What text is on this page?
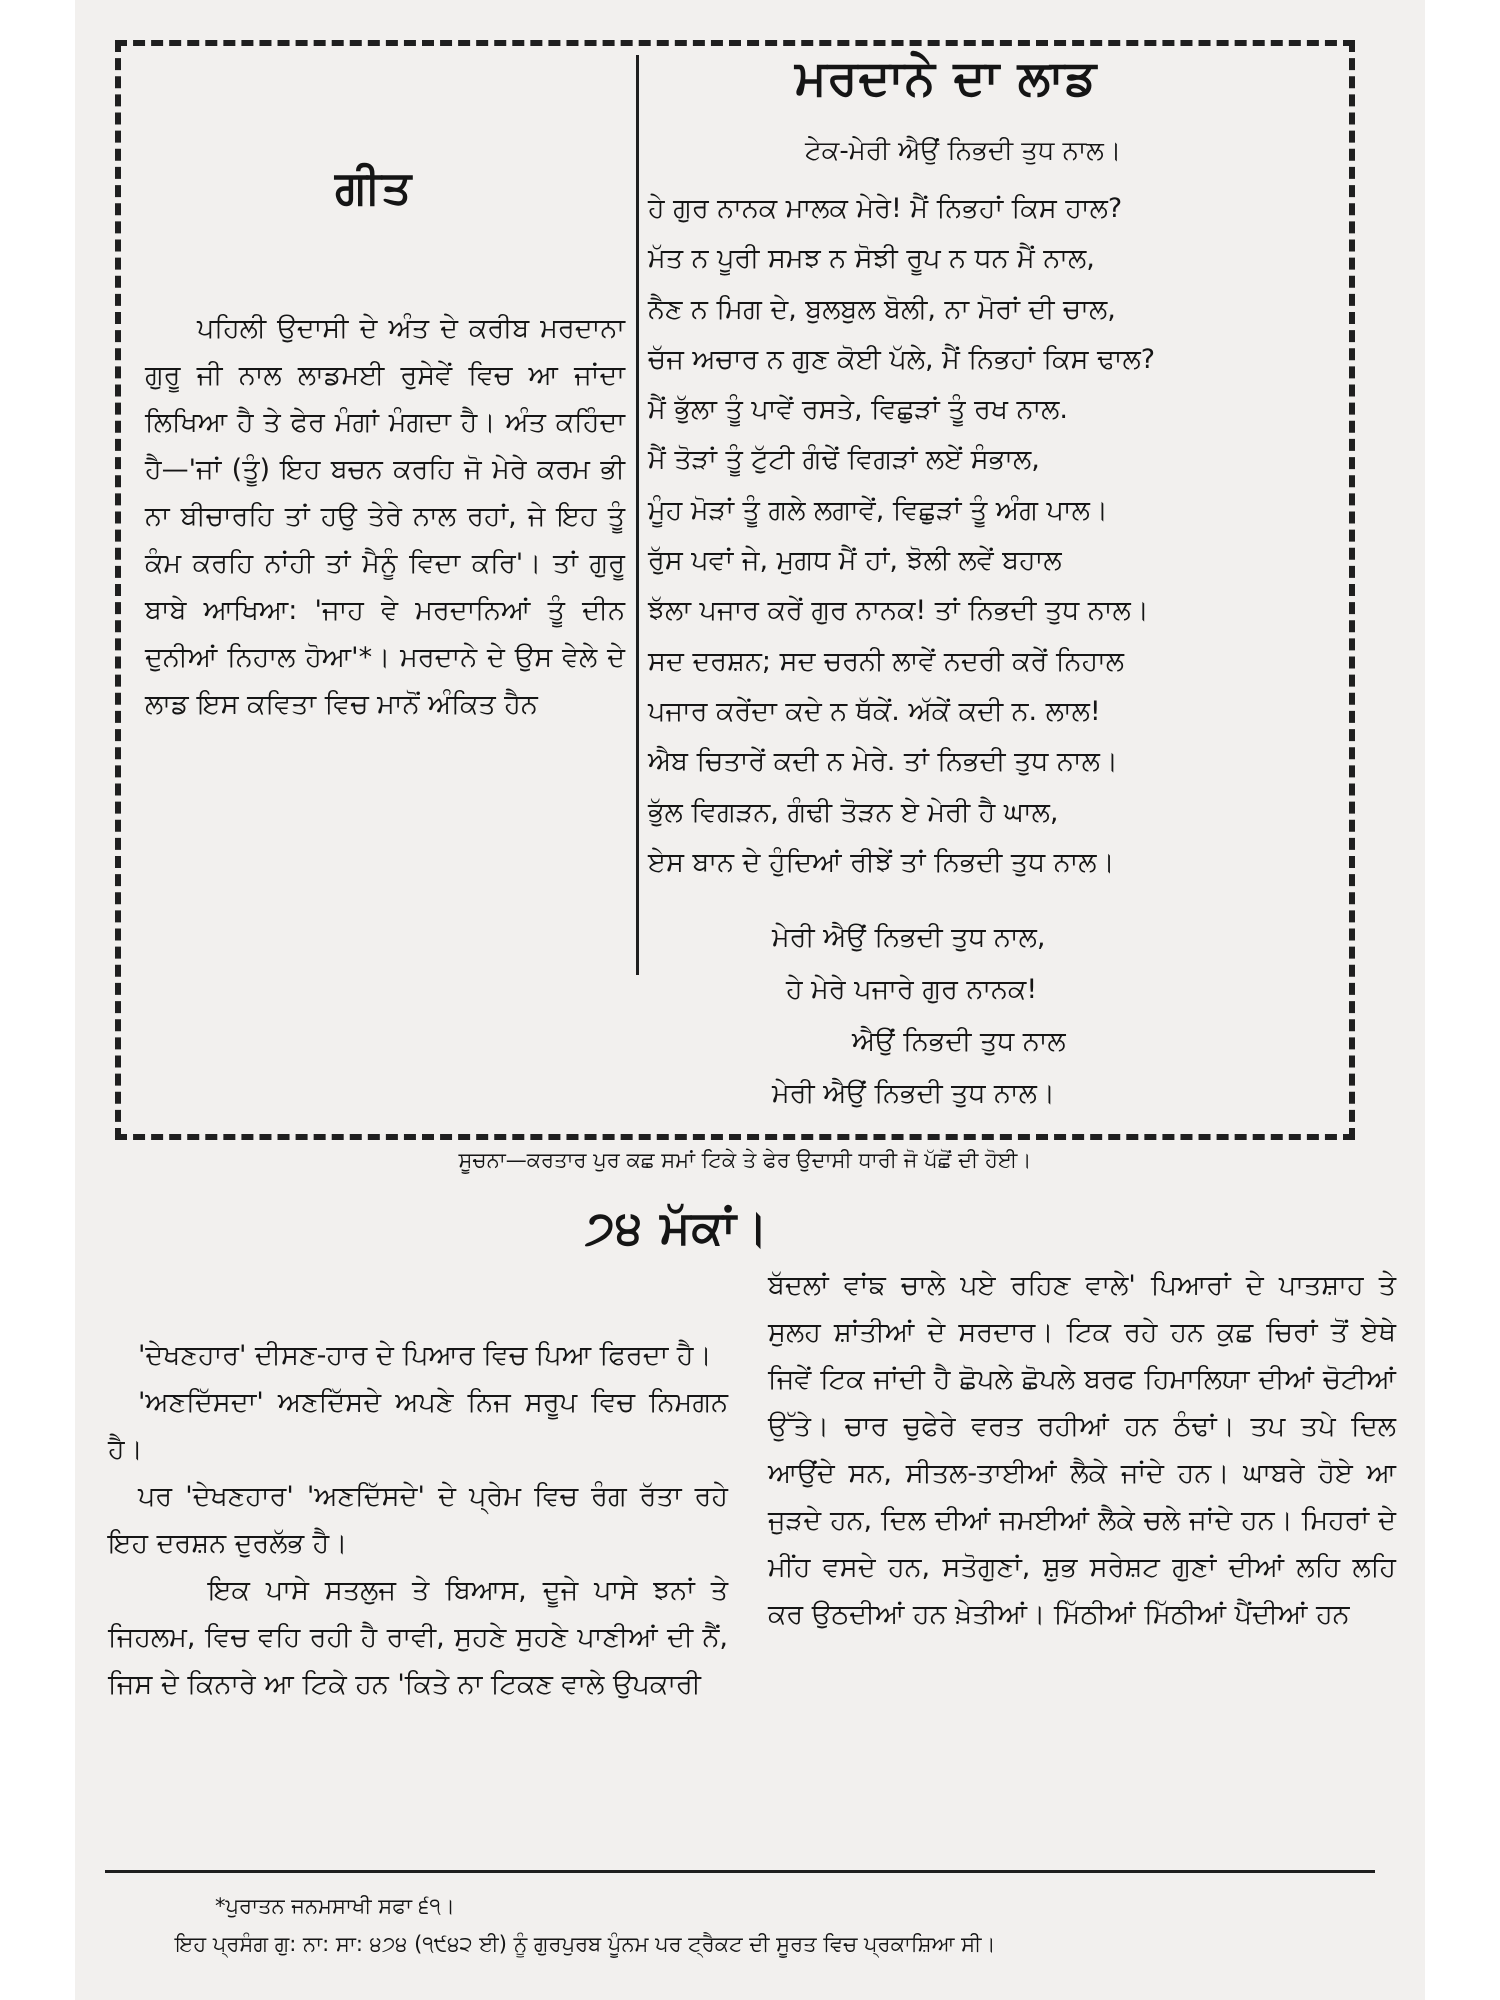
ਗੀਤ

ਪਹਿਲੀ ਉਦਾਸੀ ਦੇ ਅੰਤ ਦੇ ਕਰੀਬ ਮਰਦਾਨਾ ਗੁਰੂ ਜੀ ਨਾਲ ਲਾਡਮਈ ਰੁਸੇਵੇਂ ਵਿਚ ਆ ਜਾਂਦਾ ਲਿਖਿਆ ਹੈ ਤੇ ਫੇਰ ਮੰਗਾਂ ਮੰਗਦਾ ਹੈ। ਅੰਤ ਕਹਿੰਦਾ ਹੈ—'ਜਾਂ (ਤੂੰ) ਇਹ ਬਚਨ ਕਰਹਿ ਜੋ ਮੇਰੇ ਕਰਮ ਭੀ ਨਾ ਬੀਚਾਰਹਿ ਤਾਂ ਹਉ ਤੇਰੇ ਨਾਲ ਰਹਾਂ, ਜੇ ਇਹ ਤੂੰ ਕੰਮ ਕਰਹਿ ਨਾਂਹੀ ਤਾਂ ਮੈਨੂੰ ਵਿਦਾ ਕਰਿ'। ਤਾਂ ਗੁਰੂ ਬਾਬੇ ਆਖਿਆ: 'ਜਾਹ ਵੇ ਮਰਦਾਨਿਆਂ ਤੂੰ ਦੀਨ ਦੁਨੀਆਂ ਨਿਹਾਲ ਹੋਆ'*। ਮਰਦਾਨੇ ਦੇ ਉਸ ਵੇਲੇ ਦੇ ਲਾਡ ਇਸ ਕਵਿਤਾ ਵਿਚ ਮਾਨੋਂ ਅੰਕਿਤ ਹੈਨ

ਮਰਦਾਨੇ ਦਾ ਲਾਡ

ਟੇਕ-ਮੇਰੀ ਐਉਂ ਨਿਭਦੀ ਤੁਧ ਨਾਲ।

ਹੇ ਗੁਰ ਨਾਨਕ ਮਾਲਕ ਮੇਰੇ! ਮੈਂ ਨਿਭਹਾਂ ਕਿਸ ਹਾਲ?
ਮੱਤ ਨ ਪੂਰੀ ਸਮਝ ਨ ਸੋਝੀ ਰੂਪ ਨ ਧਨ ਮੈਂ ਨਾਲ,
ਨੈਣ ਨ ਮਿਗ ਦੇ, ਬੁਲਬੁਲ ਬੋਲੀ, ਨਾ ਮੋਰਾਂ ਦੀ ਚਾਲ,
ਚੱਜ ਅਚਾਰ ਨ ਗੁਣ ਕੋਈ ਪੱਲੇ, ਮੈਂ ਨਿਭਹਾਂ ਕਿਸ ਢਾਲ?
ਮੈਂ ਭੁੱਲਾ ਤੂੰ ਪਾਵੇਂ ਰਸਤੇ, ਵਿਛੁੜਾਂ ਤੂੰ ਰਖ ਨਾਲ.
ਮੈਂ ਤੋੜਾਂ ਤੂੰ ਟੁੱਟੀ ਗੰਢੇਂ ਵਿਗੜਾਂ ਲਏਂ ਸੰਭਾਲ,
ਮੂੰਹ ਮੋੜਾਂ ਤੂੰ ਗਲੇ ਲਗਾਵੇਂ, ਵਿਛੁੜਾਂ ਤੂੰ ਅੰਗ ਪਾਲ।
ਰੁੱਸ ਪਵਾਂ ਜੇ, ਮੁਗਧ ਮੈਂ ਹਾਂ, ਝੋਲੀ ਲਵੇਂ ਬਹਾਲ
ਝੱਲਾ ਪਜਾਰ ਕਰੇਂ ਗੁਰ ਨਾਨਕ! ਤਾਂ ਨਿਭਦੀ ਤੁਧ ਨਾਲ।
ਸਦ ਦਰਸ਼ਨ; ਸਦ ਚਰਨੀ ਲਾਵੇਂ ਨਦਰੀ ਕਰੇਂ ਨਿਹਾਲ
ਪਜਾਰ ਕਰੇਂਦਾ ਕਦੇ ਨ ਥੱਕੇਂ. ਅੱਕੇਂ ਕਦੀ ਨ. ਲਾਲ!
ਐਬ ਚਿਤਾਰੇਂ ਕਦੀ ਨ ਮੇਰੇ. ਤਾਂ ਨਿਭਦੀ ਤੁਧ ਨਾਲ।
ਭੁੱਲ ਵਿਗੜਨ, ਗੰਢੀ ਤੋੜਨ ਏ ਮੇਰੀ ਹੈ ਘਾਲ,
ਏਸ ਬਾਨ ਦੇ ਹੁੰਦਿਆਂ ਰੀਝੇਂ ਤਾਂ ਨਿਭਦੀ ਤੁਧ ਨਾਲ।
ਮੇਰੀ ਐਉਂ ਨਿਭਦੀ ਤੁਧ ਨਾਲ,
ਹੇ ਮੇਰੇ ਪਜਾਰੇ ਗੁਰ ਨਾਨਕ!
ਐਉਂ ਨਿਭਦੀ ਤੁਧ ਨਾਲ
ਮੇਰੀ ਐਉਂ ਨਿਭਦੀ ਤੁਧ ਨਾਲ।

ਸੂਚਨਾ—ਕਰਤਾਰ ਪੁਰ ਕਛ ਸਮਾਂ ਟਿਕੇ ਤੇ ਫੇਰ ਉਦਾਸੀ ਧਾਰੀ ਜੋ ਪੱਛੋਂ ਦੀ ਹੋਈ।

੭੪ ਮੱਕਾਂ।

'ਦੇਖਣਹਾਰ' ਦੀਸਣ-ਹਾਰ ਦੇ ਪਿਆਰ ਵਿਚ ਪਿਆ ਫਿਰਦਾ ਹੈ।

'ਅਣਦਿੱਸਦਾ' ਅਣਦਿੱਸਦੇ ਅਪਣੇ ਨਿਜ ਸਰੂਪ ਵਿਚ ਨਿਮਗਨ ਹੈ।

ਪਰ 'ਦੇਖਣਹਾਰ' 'ਅਣਦਿੱਸਦੇ' ਦੇ ਪ੍ਰੇਮ ਵਿਚ ਰੰਗ ਰੱਤਾ ਰਹੇ ਇਹ ਦਰਸ਼ਨ ਦੁਰਲੱਭ ਹੈ।

ਇਕ ਪਾਸੇ ਸਤਲੁਜ ਤੇ ਬਿਆਸ, ਦੂਜੇ ਪਾਸੇ ਝਨਾਂ ਤੇ ਜਿਹਲਮ, ਵਿਚ ਵਹਿ ਰਹੀ ਹੈ ਰਾਵੀ, ਸੁਹਣੇ ਸੁਹਣੇ ਪਾਣੀਆਂ ਦੀ ਨੈਂ, ਜਿਸ ਦੇ ਕਿਨਾਰੇ ਆ ਟਿਕੇ ਹਨ 'ਕਿਤੇ ਨਾ ਟਿਕਣ ਵਾਲੇ ਉਪਕਾਰੀ

ਬੱਦਲਾਂ ਵਾਂਙ ਚਾਲੇ ਪਏ ਰਹਿਣ ਵਾਲੇ' ਪਿਆਰਾਂ ਦੇ ਪਾਤਸ਼ਾਹ ਤੇ ਸੁਲਹ ਸ਼ਾਂਤੀਆਂ ਦੇ ਸਰਦਾਰ। ਟਿਕ ਰਹੇ ਹਨ ਕੁਛ ਚਿਰਾਂ ਤੋਂ ਏਥੇ ਜਿਵੇਂ ਟਿਕ ਜਾਂਦੀ ਹੈ ਛੋਪਲੇ ਛੋਪਲੇ ਬਰਫ ਹਿਮਾਲਿਯਾ ਦੀਆਂ ਚੋਟੀਆਂ ਉੱਤੇ। ਚਾਰ ਚੁਫੇਰੇ ਵਰਤ ਰਹੀਆਂ ਹਨ ਠੰਢਾਂ। ਤਪ ਤਪੇ ਦਿਲ ਆਉਂਦੇ ਸਨ, ਸੀਤਲ-ਤਾਈਆਂ ਲੈਕੇ ਜਾਂਦੇ ਹਨ। ਘਾਬਰੇ ਹੋਏ ਆ ਜੁੜਦੇ ਹਨ, ਦਿਲ ਦੀਆਂ ਜਮਈਆਂ ਲੈਕੇ ਚਲੇ ਜਾਂਦੇ ਹਨ। ਮਿਹਰਾਂ ਦੇ ਮੀਂਹ ਵਸਦੇ ਹਨ, ਸਤੋਗੁਣਾਂ, ਸ਼ੁਭ ਸਰੇਸ਼ਟ ਗੁਣਾਂ ਦੀਆਂ ਲਹਿ ਲਹਿ ਕਰ ਉਠਦੀਆਂ ਹਨ ਖ਼ੇਤੀਆਂ। ਮਿੱਠੀਆਂ ਮਿੱਠੀਆਂ ਪੈਂਦੀਆਂ ਹਨ

*ਪੁਰਾਤਨ ਜਨਮਸਾਖੀ ਸਫਾ ੬੧।

ਇਹ ਪ੍ਰਸੰਗ ਗੁ: ਨਾ: ਸਾ: ੪੭੪ (੧੯੪੨ ਈ) ਨੂੰ ਗੁਰਪੁਰਬ ਪੂੰਨਮ ਪਰ ਟ੍ਰੈਕਟ ਦੀ ਸੂਰਤ ਵਿਚ ਪ੍ਰਕਾਸ਼ਿਆ ਸੀ।
